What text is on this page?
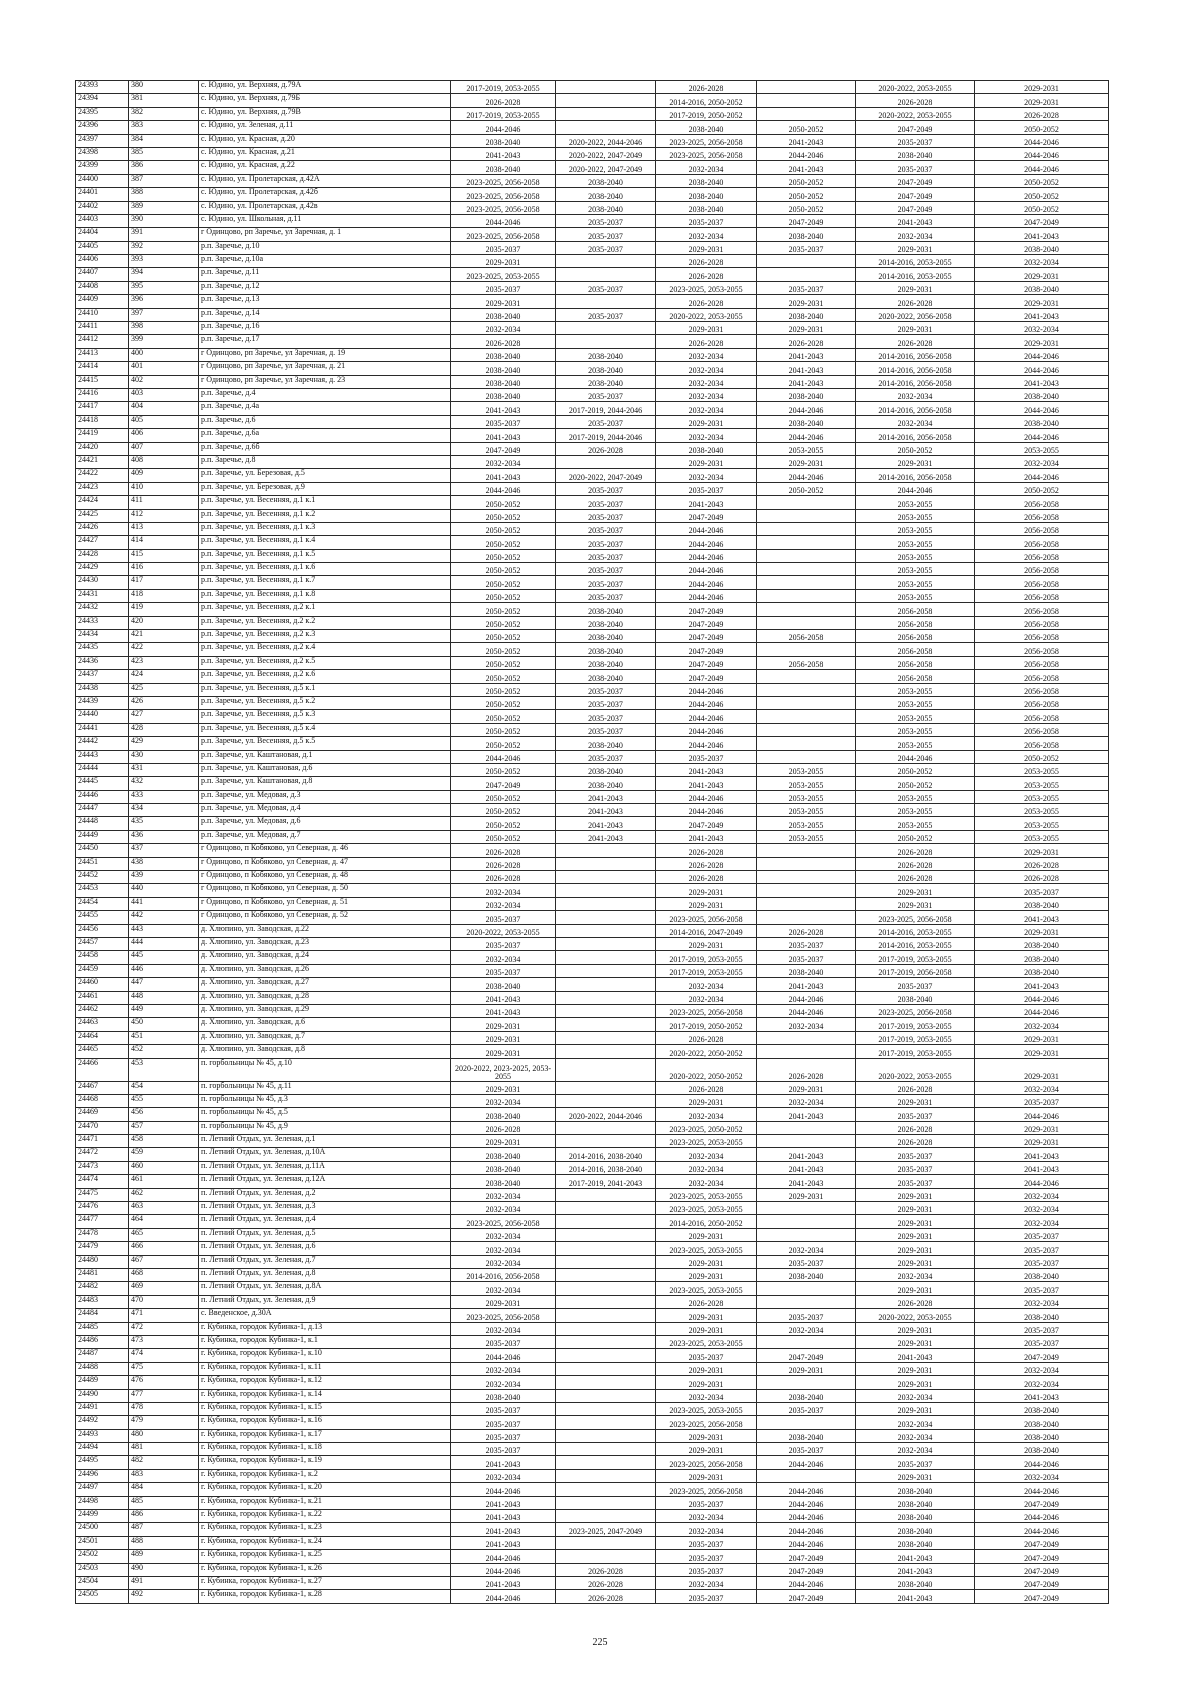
24393	380	с. Юдино, ул. Верхняя, д.79А	2017-2019, 2053-2055		2026-2028		2020-2022, 2053-2055	2029-2031
24394	381	с. Юдино, ул. Верхняя, д.79Б	2026-2028		2014-2016, 2050-2052		2026-2028	2029-2031
24395	382	с. Юдино, ул. Верхняя, д.79В	2017-2019, 2053-2055		2017-2019, 2050-2052		2020-2022, 2053-2055	2026-2028
24396	383	с. Юдино, ул. Зеленая, д.11	2044-2046		2038-2040	2050-2052	2047-2049	2050-2052
24397	384	с. Юдино, ул. Красная, д.20	2038-2040	2020-2022, 2044-2046	2023-2025, 2056-2058	2041-2043	2035-2037	2044-2046
24398	385	с. Юдино, ул. Красная, д.21	2041-2043	2020-2022, 2047-2049	2023-2025, 2056-2058	2044-2046	2038-2040	2044-2046
24399	386	с. Юдино, ул. Красная, д.22	2038-2040	2020-2022, 2047-2049	2032-2034	2041-2043	2035-2037	2044-2046
24400	387	с. Юдино, ул. Пролетарская, д.42А	2023-2025, 2056-2058	2038-2040	2038-2040	2050-2052	2047-2049	2050-2052
24401	388	с. Юдино, ул. Пролетарская, д.42б	2023-2025, 2056-2058	2038-2040	2038-2040	2050-2052	2047-2049	2050-2052
24402	389	с. Юдино, ул. Пролетарская, д.42в	2023-2025, 2056-2058	2038-2040	2038-2040	2050-2052	2047-2049	2050-2052
24403	390	с. Юдино, ул. Школьная, д.11	2044-2046	2035-2037	2035-2037	2047-2049	2041-2043	2047-2049
24404	391	г Одинцово, рп Заречье, ул Заречная, д. 1	2023-2025, 2056-2058	2035-2037	2032-2034	2038-2040	2032-2034	2041-2043
24405	392	р.п. Заречье, д.10	2035-2037	2035-2037	2029-2031	2035-2037	2029-2031	2038-2040
24406	393	р.п. Заречье, д.10а	2029-2031		2026-2028		2014-2016, 2053-2055	2032-2034
24407	394	р.п. Заречье, д.11	2023-2025, 2053-2055		2026-2028		2014-2016, 2053-2055	2029-2031
24408	395	р.п. Заречье, д.12	2035-2037	2035-2037	2023-2025, 2053-2055	2035-2037	2029-2031	2038-2040
24409	396	р.п. Заречье, д.13	2029-2031		2026-2028	2029-2031	2026-2028	2029-2031
24410	397	р.п. Заречье, д.14	2038-2040	2035-2037	2020-2022, 2053-2055	2038-2040	2020-2022, 2056-2058	2041-2043
24411	398	р.п. Заречье, д.16	2032-2034		2029-2031	2029-2031	2029-2031	2032-2034
24412	399	р.п. Заречье, д.17	2026-2028		2026-2028	2026-2028	2026-2028	2029-2031
24413	400	г Одинцово, рп Заречье, ул Заречная, д. 19	2038-2040	2038-2040	2032-2034	2041-2043	2014-2016, 2056-2058	2044-2046
24414	401	г Одинцово, рп Заречье, ул Заречная, д. 21	2038-2040	2038-2040	2032-2034	2041-2043	2014-2016, 2056-2058	2044-2046
24415	402	г Одинцово, рп Заречье, ул Заречная, д. 23	2038-2040	2038-2040	2032-2034	2041-2043	2014-2016, 2056-2058	2041-2043
24416	403	р.п. Заречье, д.4	2038-2040	2035-2037	2032-2034	2038-2040	2032-2034	2038-2040
24417	404	р.п. Заречье, д.4а	2041-2043	2017-2019, 2044-2046	2032-2034	2044-2046	2014-2016, 2056-2058	2044-2046
24418	405	р.п. Заречье, д.6	2035-2037	2035-2037	2029-2031	2038-2040	2032-2034	2038-2040
24419	406	р.п. Заречье, д.6а	2041-2043	2017-2019, 2044-2046	2032-2034	2044-2046	2014-2016, 2056-2058	2044-2046
24420	407	р.п. Заречье, д.6б	2047-2049	2026-2028	2038-2040	2053-2055	2050-2052	2053-2055
24421	408	р.п. Заречье, д.8	2032-2034		2029-2031	2029-2031	2029-2031	2032-2034
24422	409	р.п. Заречье, ул. Березовая, д.5	2041-2043	2020-2022, 2047-2049	2032-2034	2044-2046	2014-2016, 2056-2058	2044-2046
24423	410	р.п. Заречье, ул. Березовая, д.9	2044-2046	2035-2037	2035-2037	2050-2052	2044-2046	2050-2052
24424	411	р.п. Заречье, ул. Весенняя, д.1 к.1	2050-2052	2035-2037	2041-2043		2053-2055	2056-2058
24425	412	р.п. Заречье, ул. Весенняя, д.1 к.2	2050-2052	2035-2037	2047-2049		2053-2055	2056-2058
24426	413	р.п. Заречье, ул. Весенняя, д.1 к.3	2050-2052	2035-2037	2044-2046		2053-2055	2056-2058
24427	414	р.п. Заречье, ул. Весенняя, д.1 к.4	2050-2052	2035-2037	2044-2046		2053-2055	2056-2058
24428	415	р.п. Заречье, ул. Весенняя, д.1 к.5	2050-2052	2035-2037	2044-2046		2053-2055	2056-2058
24429	416	р.п. Заречье, ул. Весенняя, д.1 к.6	2050-2052	2035-2037	2044-2046		2053-2055	2056-2058
24430	417	р.п. Заречье, ул. Весенняя, д.1 к.7	2050-2052	2035-2037	2044-2046		2053-2055	2056-2058
24431	418	р.п. Заречье, ул. Весенняя, д.1 к.8	2050-2052	2035-2037	2044-2046		2053-2055	2056-2058
24432	419	р.п. Заречье, ул. Весенняя, д.2 к.1	2050-2052	2038-2040	2047-2049		2056-2058	2056-2058
24433	420	р.п. Заречье, ул. Весенняя, д.2 к.2	2050-2052	2038-2040	2047-2049		2056-2058	2056-2058
24434	421	р.п. Заречье, ул. Весенняя, д.2 к.3	2050-2052	2038-2040	2047-2049	2056-2058	2056-2058	2056-2058
24435	422	р.п. Заречье, ул. Весенняя, д.2 к.4	2050-2052	2038-2040	2047-2049		2056-2058	2056-2058
24436	423	р.п. Заречье, ул. Весенняя, д.2 к.5	2050-2052	2038-2040	2047-2049	2056-2058	2056-2058	2056-2058
24437	424	р.п. Заречье, ул. Весенняя, д.2 к.6	2050-2052	2038-2040	2047-2049		2056-2058	2056-2058
24438	425	р.п. Заречье, ул. Весенняя, д.5 к.1	2050-2052	2035-2037	2044-2046		2053-2055	2056-2058
24439	426	р.п. Заречье, ул. Весенняя, д.5 к.2	2050-2052	2035-2037	2044-2046		2053-2055	2056-2058
24440	427	р.п. Заречье, ул. Весенняя, д.5 к.3	2050-2052	2035-2037	2044-2046		2053-2055	2056-2058
24441	428	р.п. Заречье, ул. Весенняя, д.5 к.4	2050-2052	2035-2037	2044-2046		2053-2055	2056-2058
24442	429	р.п. Заречье, ул. Весенняя, д.5 к.5	2050-2052	2038-2040	2044-2046		2053-2055	2056-2058
24443	430	р.п. Заречье, ул. Каштановая, д.1	2044-2046	2035-2037	2035-2037		2044-2046	2050-2052
24444	431	р.п. Заречье, ул. Каштановая, д.6	2050-2052	2038-2040	2041-2043	2053-2055	2050-2052	2053-2055
24445	432	р.п. Заречье, ул. Каштановая, д.8	2047-2049	2038-2040	2041-2043	2053-2055	2050-2052	2053-2055
24446	433	р.п. Заречье, ул. Медовая, д.3	2050-2052	2041-2043	2044-2046	2053-2055	2053-2055	2053-2055
24447	434	р.п. Заречье, ул. Медовая, д.4	2050-2052	2041-2043	2044-2046	2053-2055	2053-2055	2053-2055
24448	435	р.п. Заречье, ул. Медовая, д.6	2050-2052	2041-2043	2047-2049	2053-2055	2053-2055	2053-2055
24449	436	р.п. Заречье, ул. Медовая, д.7	2050-2052	2041-2043	2041-2043	2053-2055	2050-2052	2053-2055
24450	437	г Одинцово, п Кобяково, ул Северная, д. 46	2026-2028		2026-2028		2026-2028	2029-2031
24451	438	г Одинцово, п Кобяково, ул Северная, д. 47	2026-2028		2026-2028		2026-2028	2026-2028
24452	439	г Одинцово, п Кобяково, ул Северная, д. 48	2026-2028		2026-2028		2026-2028	2026-2028
24453	440	г Одинцово, п Кобяково, ул Северная, д. 50	2032-2034		2029-2031		2029-2031	2035-2037
24454	441	г Одинцово, п Кобяково, ул Северная, д. 51	2032-2034		2029-2031		2029-2031	2038-2040
24455	442	г Одинцово, п Кобяково, ул Северная, д. 52	2035-2037		2023-2025, 2056-2058		2023-2025, 2056-2058	2041-2043
24456	443	д. Хлюпино, ул. Заводская, д.22	2020-2022, 2053-2055		2014-2016, 2047-2049	2026-2028	2014-2016, 2053-2055	2029-2031
24457	444	д. Хлюпино, ул. Заводская, д.23	2035-2037		2029-2031	2035-2037	2014-2016, 2053-2055	2038-2040
24458	445	д. Хлюпино, ул. Заводская, д.24	2032-2034		2017-2019, 2053-2055	2035-2037	2017-2019, 2053-2055	2038-2040
24459	446	д. Хлюпино, ул. Заводская, д.26	2035-2037		2017-2019, 2053-2055	2038-2040	2017-2019, 2056-2058	2038-2040
24460	447	д. Хлюпино, ул. Заводская, д.27	2038-2040		2032-2034	2041-2043	2035-2037	2041-2043
24461	448	д. Хлюпино, ул. Заводская, д.28	2041-2043		2032-2034	2044-2046	2038-2040	2044-2046
24462	449	д. Хлюпино, ул. Заводская, д.29	2041-2043		2023-2025, 2056-2058	2044-2046	2023-2025, 2056-2058	2044-2046
24463	450	д. Хлюпино, ул. Заводская, д.6	2029-2031		2017-2019, 2050-2052	2032-2034	2017-2019, 2053-2055	2032-2034
24464	451	д. Хлюпино, ул. Заводская, д.7	2029-2031		2026-2028		2017-2019, 2053-2055	2029-2031
24465	452	д. Хлюпино, ул. Заводская, д.8	2029-2031		2020-2022, 2050-2052		2017-2019, 2053-2055	2029-2031
24466	453	п. горбольницы № 45, д.10	2020-2022, 2023-2025, 2053-2055		2020-2022, 2050-2052	2026-2028	2020-2022, 2053-2055	2029-2031
24467	454	п. горбольницы № 45, д.11	2029-2031		2026-2028	2029-2031	2026-2028	2032-2034
24468	455	п. горбольницы № 45, д.3	2032-2034		2029-2031	2032-2034	2029-2031	2035-2037
24469	456	п. горбольницы № 45, д.5	2038-2040	2020-2022, 2044-2046	2032-2034	2041-2043	2035-2037	2044-2046
24470	457	п. горбольницы № 45, д.9	2026-2028		2023-2025, 2050-2052		2026-2028	2029-2031
24471	458	п. Летний Отдых, ул. Зеленая, д.1	2029-2031		2023-2025, 2053-2055		2026-2028	2029-2031
24472	459	п. Летний Отдых, ул. Зеленая, д.10А	2038-2040	2014-2016, 2038-2040	2032-2034	2041-2043	2035-2037	2041-2043
24473	460	п. Летний Отдых, ул. Зеленая, д.11А	2038-2040	2014-2016, 2038-2040	2032-2034	2041-2043	2035-2037	2041-2043
24474	461	п. Летний Отдых, ул. Зеленая, д.12А	2038-2040	2017-2019, 2041-2043	2032-2034	2041-2043	2035-2037	2044-2046
24475	462	п. Летний Отдых, ул. Зеленая, д.2	2032-2034		2023-2025, 2053-2055	2029-2031	2029-2031	2032-2034
24476	463	п. Летний Отдых, ул. Зеленая, д.3	2032-2034		2023-2025, 2053-2055		2029-2031	2032-2034
24477	464	п. Летний Отдых, ул. Зеленая, д.4	2023-2025, 2056-2058		2014-2016, 2050-2052		2029-2031	2032-2034
24478	465	п. Летний Отдых, ул. Зеленая, д.5	2032-2034		2029-2031		2029-2031	2035-2037
24479	466	п. Летний Отдых, ул. Зеленая, д.6	2032-2034		2023-2025, 2053-2055	2032-2034	2029-2031	2035-2037
24480	467	п. Летний Отдых, ул. Зеленая, д.7	2032-2034		2029-2031	2035-2037	2029-2031	2035-2037
24481	468	п. Летний Отдых, ул. Зеленая, д.8	2014-2016, 2056-2058		2029-2031	2038-2040	2032-2034	2038-2040
24482	469	п. Летний Отдых, ул. Зеленая, д.8А	2032-2034		2023-2025, 2053-2055		2029-2031	2035-2037
24483	470	п. Летний Отдых, ул. Зеленая, д.9	2029-2031		2026-2028		2026-2028	2032-2034
24484	471	с. Введенское, д.30А	2023-2025, 2056-2058		2029-2031	2035-2037	2020-2022, 2053-2055	2038-2040
24485	472	г. Кубинка, городок Кубинка-1, д.13	2032-2034		2029-2031	2032-2034	2029-2031	2035-2037
24486	473	г. Кубинка, городок Кубинка-1, к.1	2035-2037		2023-2025, 2053-2055		2029-2031	2035-2037
24487	474	г. Кубинка, городок Кубинка-1, к.10	2044-2046		2035-2037	2047-2049	2041-2043	2047-2049
24488	475	г. Кубинка, городок Кубинка-1, к.11	2032-2034		2029-2031	2029-2031	2029-2031	2032-2034
24489	476	г. Кубинка, городок Кубинка-1, к.12	2032-2034		2029-2031		2029-2031	2032-2034
24490	477	г. Кубинка, городок Кубинка-1, к.14	2038-2040		2032-2034	2038-2040	2032-2034	2041-2043
24491	478	г. Кубинка, городок Кубинка-1, к.15	2035-2037		2023-2025, 2053-2055	2035-2037	2029-2031	2038-2040
24492	479	г. Кубинка, городок Кубинка-1, к.16	2035-2037		2023-2025, 2056-2058		2032-2034	2038-2040
24493	480	г. Кубинка, городок Кубинка-1, к.17	2035-2037		2029-2031	2038-2040	2032-2034	2038-2040
24494	481	г. Кубинка, городок Кубинка-1, к.18	2035-2037		2029-2031	2035-2037	2032-2034	2038-2040
24495	482	г. Кубинка, городок Кубинка-1, к.19	2041-2043		2023-2025, 2056-2058	2044-2046	2035-2037	2044-2046
24496	483	г. Кубинка, городок Кубинка-1, к.2	2032-2034		2029-2031		2029-2031	2032-2034
24497	484	г. Кубинка, городок Кубинка-1, к.20	2044-2046		2023-2025, 2056-2058	2044-2046	2038-2040	2044-2046
24498	485	г. Кубинка, городок Кубинка-1, к.21	2041-2043		2035-2037	2044-2046	2038-2040	2047-2049
24499	486	г. Кубинка, городок Кубинка-1, к.22	2041-2043		2032-2034	2044-2046	2038-2040	2044-2046
24500	487	г. Кубинка, городок Кубинка-1, к.23	2041-2043	2023-2025, 2047-2049	2032-2034	2044-2046	2038-2040	2044-2046
24501	488	г. Кубинка, городок Кубинка-1, к.24	2041-2043		2035-2037	2044-2046	2038-2040	2047-2049
24502	489	г. Кубинка, городок Кубинка-1, к.25	2044-2046		2035-2037	2047-2049	2041-2043	2047-2049
24503	490	г. Кубинка, городок Кубинка-1, к.26	2044-2046	2026-2028	2035-2037	2047-2049	2041-2043	2047-2049
24504	491	г. Кубинка, городок Кубинка-1, к.27	2041-2043	2026-2028	2032-2034	2044-2046	2038-2040	2047-2049
24505	492	г. Кубинка, городок Кубинка-1, к.28	2044-2046	2026-2028	2035-2037	2047-2049	2041-2043	2047-2049
225
